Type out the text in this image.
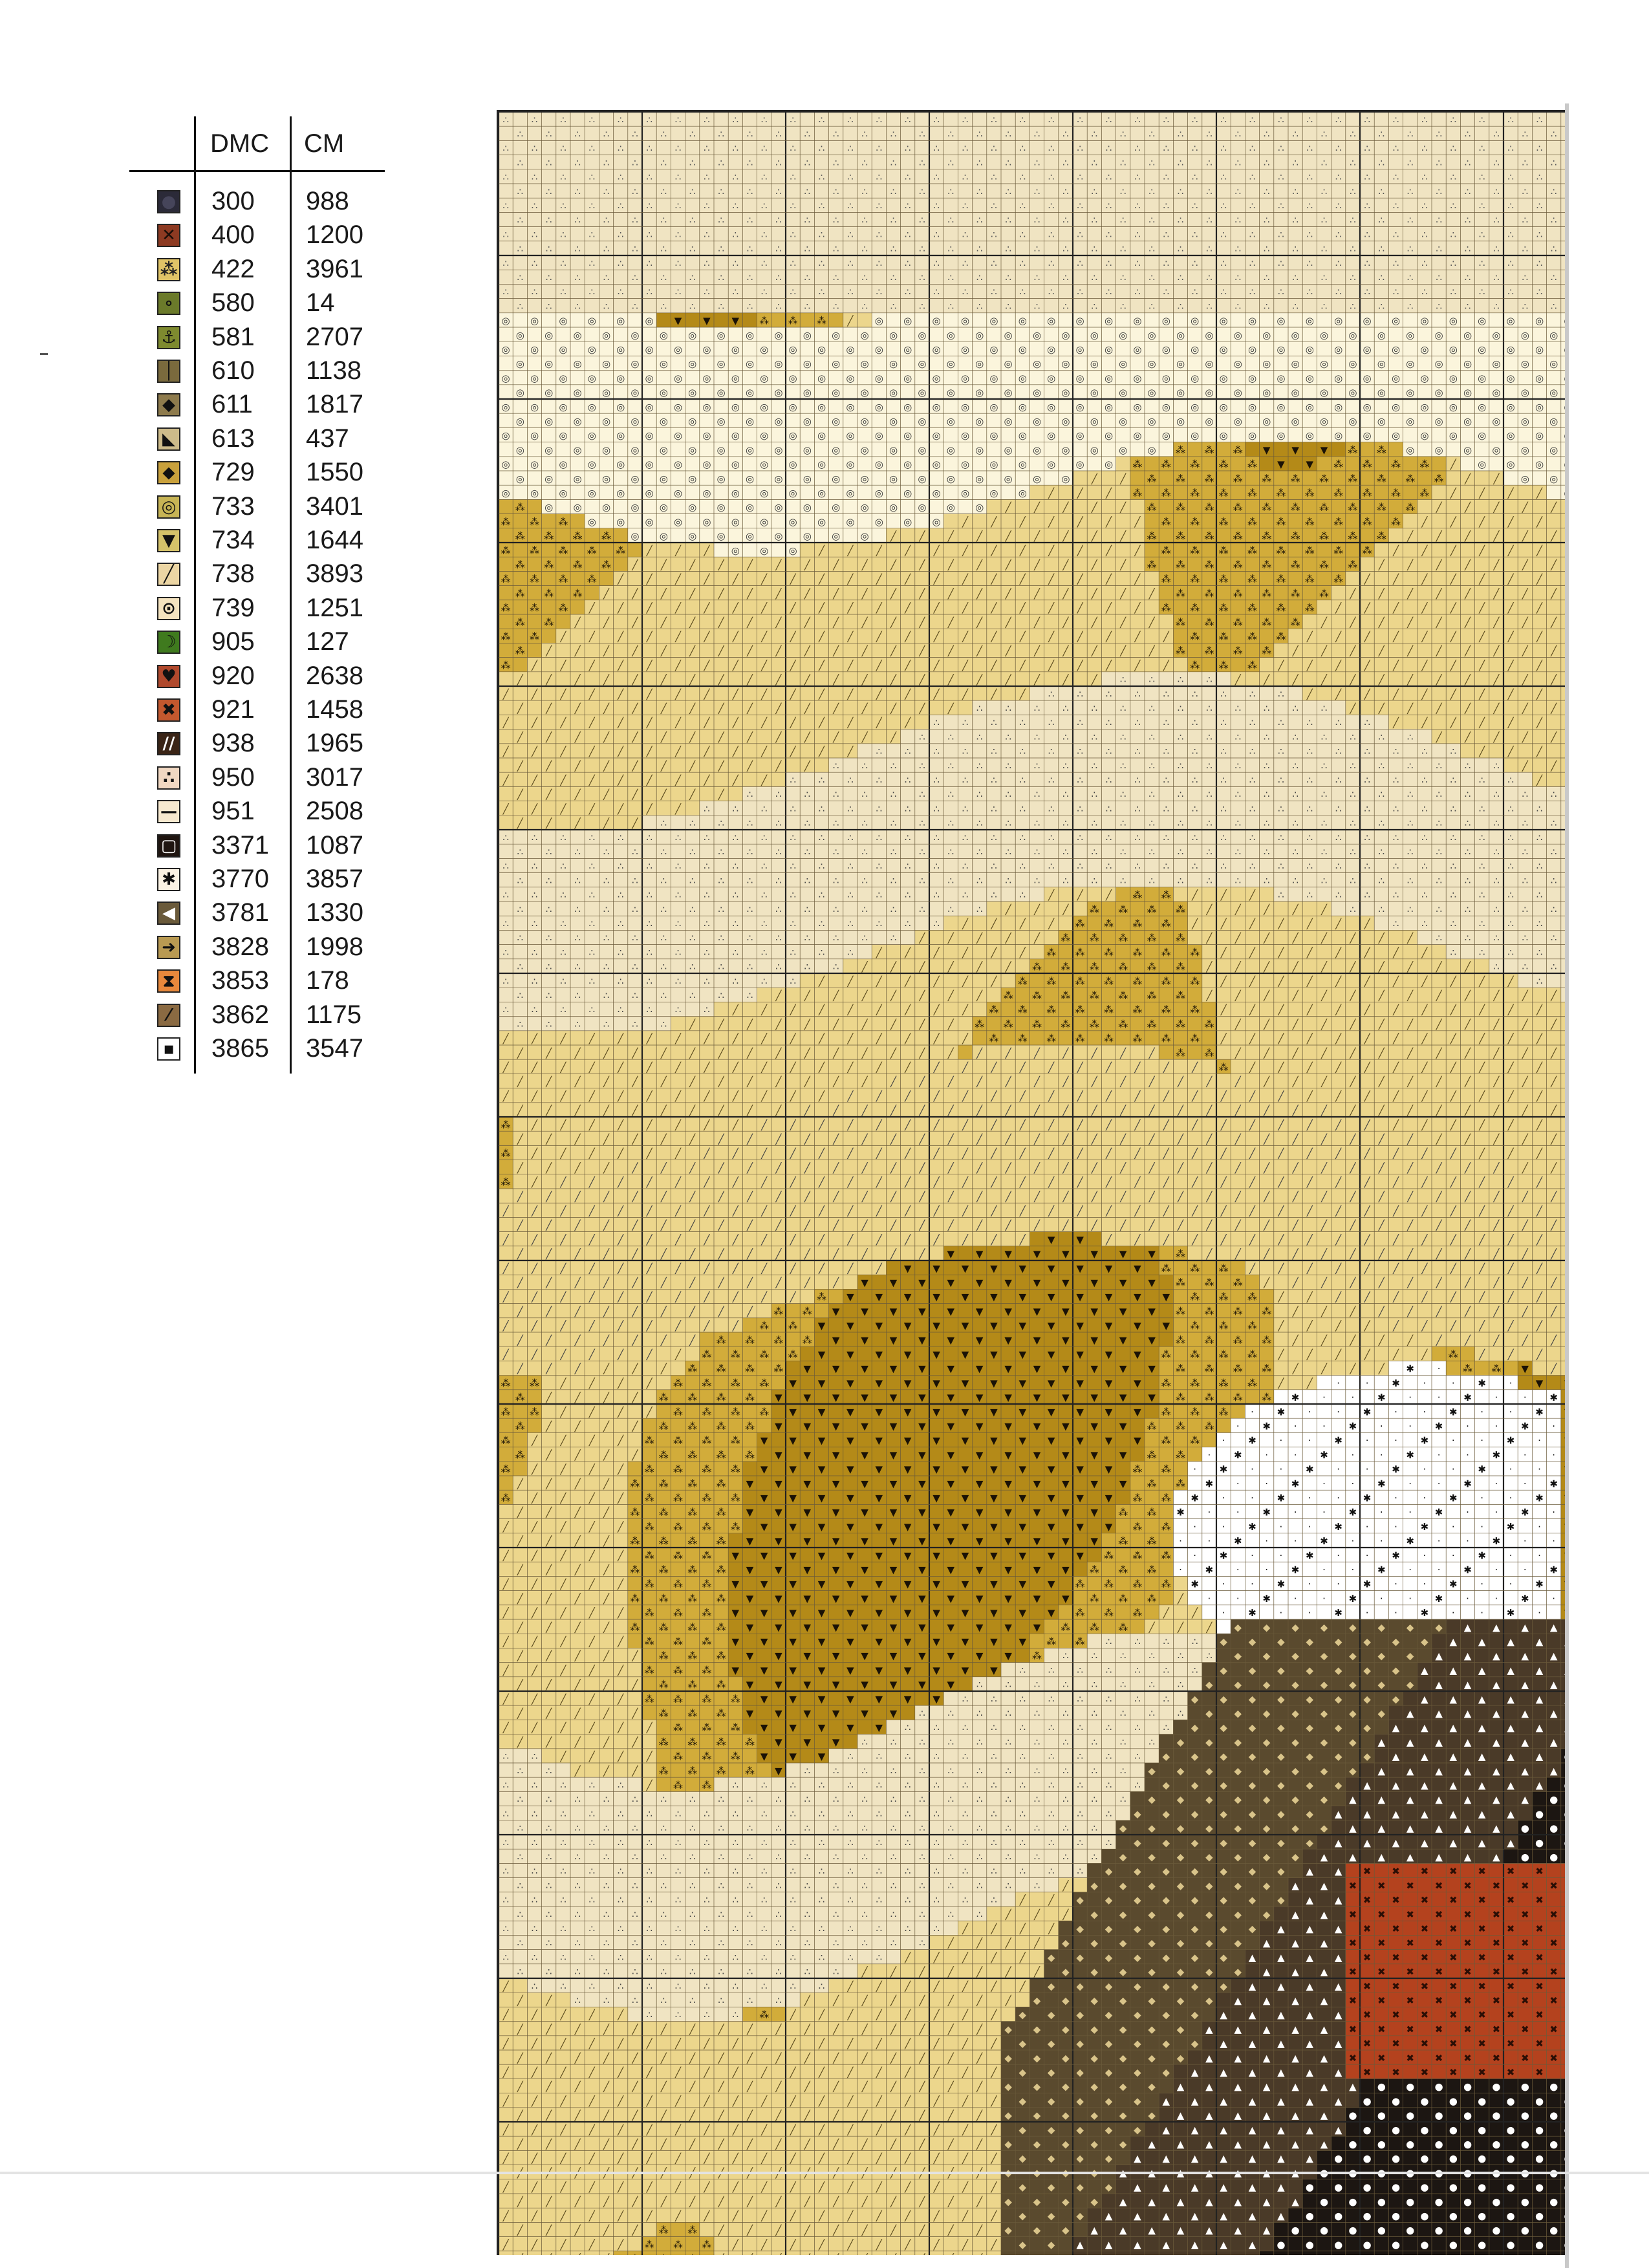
DMC CM
● 300 988
✕ 400 1200
⁂ 422 3961
∘ 580 14
⚓ 581 2707
│ 610 1138
◆ 611 1817
◣ 613 437
⬥ 729 1550
◎ 733 3401
▼ 734 1644
╱ 738 3893
⊙ 739 1251
☽ 905 127
♥ 920 2638
✖ 921 1458
∕∕ 938 1965
∴ 950 3017
— 951 2508
▢ 3371 1087
✱ 3770 3857
◀ 3781 1330
➜ 3828 1998
⧗ 3853 178
⁄	3862 1175
▪ 3865 3547
∴ ∴ ∴ ∴ ∴ ∴ ∴ ∴ ∴ ∴ ∴ ∴ ∴ ∴ ∴ ∴ ∴ ∴ ∴ ∴ ∴ ∴ ∴ ∴ ∴ ∴ ∴ ∴ ∴ ∴ ∴ ∴ ∴ ∴ ∴ ∴ ∴
∴ ∴ ∴ ∴ ∴ ∴ ∴ ∴ ∴ ∴ ∴ ∴ ∴ ∴ ∴ ∴ ∴ ∴ ∴ ∴ ∴ ∴ ∴ ∴ ∴ ∴ ∴ ∴ ∴ ∴ ∴ ∴ ∴ ∴ ∴ ∴ ∴
∴ ∴ ∴ ∴ ∴ ∴ ∴ ∴ ∴ ∴ ∴ ∴ ∴ ∴ ∴ ∴ ∴ ∴ ∴ ∴ ∴ ∴ ∴ ∴ ∴ ∴ ∴ ∴ ∴ ∴ ∴ ∴ ∴ ∴ ∴ ∴ ∴
∴ ∴ ∴ ∴ ∴ ∴ ∴ ∴ ∴ ∴ ∴ ∴ ∴ ∴ ∴ ∴ ∴ ∴ ∴ ∴ ∴ ∴ ∴ ∴ ∴ ∴ ∴ ∴ ∴ ∴ ∴ ∴ ∴ ∴ ∴ ∴ ∴
∴ ∴ ∴ ∴ ∴ ∴ ∴ ∴ ∴ ∴ ∴ ∴ ∴ ∴ ∴ ∴ ∴ ∴ ∴ ∴ ∴ ∴ ∴ ∴ ∴ ∴ ∴ ∴ ∴ ∴ ∴ ∴ ∴ ∴ ∴ ∴ ∴
∴ ∴ ∴ ∴ ∴ ∴ ∴ ∴ ∴ ∴ ∴ ∴ ∴ ∴ ∴ ∴ ∴ ∴ ∴ ∴ ∴ ∴ ∴ ∴ ∴ ∴ ∴ ∴ ∴ ∴ ∴ ∴ ∴ ∴ ∴ ∴ ∴
∴ ∴ ∴ ∴ ∴ ∴ ∴ ∴ ∴ ∴ ∴ ∴ ∴ ∴ ∴ ∴ ∴ ∴ ∴ ∴ ∴ ∴ ∴ ∴ ∴ ∴ ∴ ∴ ∴ ∴ ∴ ∴ ∴ ∴ ∴ ∴ ∴
∴ ∴ ∴ ∴ ∴ ∴ ∴ ∴ ∴ ∴ ∴ ∴ ∴ ∴ ∴ ∴ ∴ ∴ ∴ ∴ ∴ ∴ ∴ ∴ ∴ ∴ ∴ ∴ ∴ ∴ ∴ ∴ ∴ ∴ ∴ ∴ ∴
∴ ∴ ∴ ∴ ∴ ∴ ∴ ∴ ∴ ∴ ∴ ∴ ∴ ∴ ∴ ∴ ∴ ∴ ∴ ∴ ∴ ∴ ∴ ∴ ∴ ∴ ∴ ∴ ∴ ∴ ∴ ∴ ∴ ∴ ∴ ∴ ∴
∴ ∴ ∴ ∴ ∴ ∴ ∴ ∴ ∴ ∴ ∴ ∴ ∴ ∴ ∴ ∴ ∴ ∴ ∴ ∴ ∴ ∴ ∴ ∴ ∴ ∴ ∴ ∴ ∴ ∴ ∴ ∴ ∴ ∴ ∴ ∴ ∴
∴ ∴ ∴ ∴ ∴ ∴ ∴ ∴ ∴ ∴ ∴ ∴ ∴ ∴ ∴ ∴ ∴ ∴ ∴ ∴ ∴ ∴ ∴ ∴ ∴ ∴ ∴ ∴ ∴ ∴ ∴ ∴ ∴ ∴ ∴ ∴ ∴
∴ ∴ ∴ ∴ ∴ ∴ ∴ ∴ ∴ ∴ ∴ ∴ ∴ ∴ ∴ ∴ ∴ ∴ ∴ ∴ ∴ ∴ ∴ ∴ ∴ ∴ ∴ ∴ ∴ ∴ ∴ ∴ ∴ ∴ ∴ ∴ ∴
∴ ∴ ∴ ∴ ∴ ∴ ∴ ∴ ∴ ∴ ∴ ∴ ∴ ∴ ∴ ∴ ∴ ∴ ∴ ∴ ∴ ∴ ∴ ∴ ∴ ∴ ∴ ∴ ∴ ∴ ∴ ∴ ∴ ∴ ∴ ∴ ∴
∴ ∴ ∴ ∴ ∴ ∴ ∴ ∴ ∴ ∴ ∴ ∴ ∴ ∴ ∴ ∴ ∴ ∴ ∴ ∴ ∴ ∴ ∴ ∴ ∴ ∴ ∴ ∴ ∴ ∴ ∴ ∴ ∴ ∴ ∴ ∴ ∴
◎ ◎ ◎ ◎ ◎ ◎ ▼ ▼ ▼ ⁂ ⁂ ⁂ ╱ ◎ ◎ ◎ ◎ ◎ ◎ ◎ ◎ ◎ ◎ ◎ ◎ ◎ ◎ ◎ ◎ ◎ ◎ ◎ ◎ ◎ ◎ ◎ ◎
◎ ◎ ◎ ◎ ◎ ◎ ◎ ◎ ◎ ◎ ◎ ◎ ◎ ◎ ◎ ◎ ◎ ◎ ◎ ◎ ◎ ◎ ◎ ◎ ◎ ◎ ◎ ◎ ◎ ◎ ◎ ◎ ◎ ◎ ◎ ◎ ◎
◎ ◎ ◎ ◎ ◎ ◎ ◎ ◎ ◎ ◎ ◎ ◎ ◎ ◎ ◎ ◎ ◎ ◎ ◎ ◎ ◎ ◎ ◎ ◎ ◎ ◎ ◎ ◎ ◎ ◎ ◎ ◎ ◎ ◎ ◎ ◎ ◎
◎ ◎ ◎ ◎ ◎ ◎ ◎ ◎ ◎ ◎ ◎ ◎ ◎ ◎ ◎ ◎ ◎ ◎ ◎ ◎ ◎ ◎ ◎ ◎ ◎ ◎ ◎ ◎ ◎ ◎ ◎ ◎ ◎ ◎ ◎ ◎ ◎
◎ ◎ ◎ ◎ ◎ ◎ ◎ ◎ ◎ ◎ ◎ ◎ ◎ ◎ ◎ ◎ ◎ ◎ ◎ ◎ ◎ ◎ ◎ ◎ ◎ ◎ ◎ ◎ ◎ ◎ ◎ ◎ ◎ ◎ ◎ ◎ ◎
◎ ◎ ◎ ◎ ◎ ◎ ◎ ◎ ◎ ◎ ◎ ◎ ◎ ◎ ◎ ◎ ◎ ◎ ◎ ◎ ◎ ◎ ◎ ◎ ◎ ◎ ◎ ◎ ◎ ◎ ◎ ◎ ◎ ◎ ◎ ◎ ◎
◎ ◎ ◎ ◎ ◎ ◎ ◎ ◎ ◎ ◎ ◎ ◎ ◎ ◎ ◎ ◎ ◎ ◎ ◎ ◎ ◎ ◎ ◎ ◎ ◎ ◎ ◎ ◎ ◎ ◎ ◎ ◎ ◎ ◎ ◎ ◎ ◎
◎ ◎ ◎ ◎ ◎ ◎ ◎ ◎ ◎ ◎ ◎ ◎ ◎ ◎ ◎ ◎ ◎ ◎ ◎ ◎ ◎ ◎ ◎ ◎ ◎ ◎ ◎ ◎ ◎ ◎ ◎ ◎ ◎ ◎ ◎ ◎ ◎
◎ ◎ ◎ ◎ ◎ ◎ ◎ ◎ ◎ ◎ ◎ ◎ ◎ ◎ ◎ ◎ ◎ ◎ ◎ ◎ ◎ ◎ ◎ ◎ ◎ ◎ ◎ ◎ ◎ ◎ ◎ ◎ ◎ ◎ ◎ ◎ ◎
◎ ◎ ◎ ◎ ◎ ◎ ◎ ◎ ◎ ◎ ◎ ◎ ◎ ◎ ◎ ◎ ◎ ◎ ◎ ◎ ◎ ◎ ◎ ⁂ ⁂ ⁂ ▼ ▼ ▼ ⁂ ⁂ ◎ ◎ ◎ ◎ ◎ ◎
◎ ◎ ◎ ◎ ◎ ◎ ◎ ◎ ◎ ◎ ◎ ◎ ◎ ◎ ◎ ◎ ◎ ◎ ◎ ◎ ◎ ◎ ⁂ ⁂ ⁂ ⁂ ⁂ ▼ ▼ ⁂ ⁂ ⁂ ⁂ ╱ ◎ ◎ ◎
◎ ◎ ◎ ◎ ◎ ◎ ◎ ◎ ◎ ◎ ◎ ◎ ◎ ◎ ◎ ◎ ◎ ◎ ◎ ◎ ╱ ╱ ⁂ ⁂ ⁂ ⁂ ⁂ ⁂ ⁂ ⁂ ⁂ ⁂ ⁂ ╱ ╱ ◎ ◎
◎ ◎ ◎ ◎ ◎ ◎ ◎ ◎ ◎ ◎ ◎ ◎ ◎ ◎ ◎ ◎ ◎ ◎ ◎ ╱ ╱ ╱ ⁂ ⁂ ⁂ ⁂ ⁂ ⁂ ⁂ ⁂ ⁂ ⁂ ⁂ ╱ ╱ ╱ ╱
⁂ ◎ ◎ ◎ ◎ ◎ ◎ ◎ ◎ ◎ ◎ ◎ ◎ ◎ ◎ ◎ ◎ ╱ ╱ ╱ ╱ ╱ ⁂ ⁂ ⁂ ⁂ ⁂ ⁂ ⁂ ⁂ ⁂ ⁂ ╱ ╱ ╱ ╱ ╱
⁂ ⁂ ⁂ ◎ ◎ ◎ ◎ ◎ ◎ ◎ ◎ ◎ ◎ ◎ ◎ ◎ ╱ ╱ ╱ ╱ ╱ ╱ ╱ ⁂ ⁂ ⁂ ⁂ ⁂ ⁂ ⁂ ⁂ ⁂ ╱ ╱ ╱ ╱ ╱
⁂ ⁂ ⁂ ⁂ ◎ ◎ ◎ ◎ ◎ ◎ ◎ ◎ ◎ ╱ ╱ ╱ ╱ ╱ ╱ ╱ ╱ ╱ ⁂ ⁂ ⁂ ⁂ ⁂ ⁂ ⁂ ⁂ ⁂ ╱ ╱ ╱ ╱ ╱ ╱
⁂ ⁂ ⁂ ⁂ ⁂ ╱ ╱ ╱ ◎ ◎ ◎ ╱ ╱ ╱ ╱ ╱ ╱ ╱ ╱ ╱ ╱ ╱ ╱ ⁂ ⁂ ⁂ ⁂ ⁂ ⁂ ⁂ ⁂ ╱ ╱ ╱ ╱ ╱ ╱
⁂ ⁂ ⁂ ⁂ ╱ ╱ ╱ ╱ ╱ ╱ ╱ ╱ ╱ ╱ ╱ ╱ ╱ ╱ ╱ ╱ ╱ ╱ ⁂ ⁂ ⁂ ⁂ ⁂ ⁂ ⁂ ⁂ ╱ ╱ ╱ ╱ ╱ ╱ ╱
⁂ ⁂ ⁂ ⁂ ╱ ╱ ╱ ╱ ╱ ╱ ╱ ╱ ╱ ╱ ╱ ╱ ╱ ╱ ╱ ╱ ╱ ╱ ╱ ⁂ ⁂ ⁂ ⁂ ⁂ ⁂ ⁂ ╱ ╱ ╱ ╱ ╱ ╱ ╱
⁂ ⁂ ⁂ ╱ ╱ ╱ ╱ ╱ ╱ ╱ ╱ ╱ ╱ ╱ ╱ ╱ ╱ ╱ ╱ ╱ ╱ ╱ ╱ ⁂ ⁂ ⁂ ⁂ ⁂ ⁂ ╱ ╱ ╱ ╱ ╱ ╱ ╱ ╱
⁂ ⁂ ⁂ ╱ ╱ ╱ ╱ ╱ ╱ ╱ ╱ ╱ ╱ ╱ ╱ ╱ ╱ ╱ ╱ ╱ ╱ ╱ ╱ ⁂ ⁂ ⁂ ⁂ ⁂ ⁂ ╱ ╱ ╱ ╱ ╱ ╱ ╱ ╱
⁂ ⁂ ╱ ╱ ╱ ╱ ╱ ╱ ╱ ╱ ╱ ╱ ╱ ╱ ╱ ╱ ╱ ╱ ╱ ╱ ╱ ╱ ╱ ⁂ ⁂ ⁂ ⁂ ⁂ ╱ ╱ ╱ ╱ ╱ ╱ ╱ ╱ ╱
⁂ ⁂ ╱ ╱ ╱ ╱ ╱ ╱ ╱ ╱ ╱ ╱ ╱ ╱ ╱ ╱ ╱ ╱ ╱ ╱ ╱ ╱ ╱ ╱ ⁂ ⁂ ⁂ ⁂ ╱ ╱ ╱ ╱ ╱ ╱ ╱ ╱ ╱
⁂ ╱ ╱ ╱ ╱ ╱ ╱ ╱ ╱ ╱ ╱ ╱ ╱ ╱ ╱ ╱ ╱ ╱ ╱ ╱ ╱ ╱ ╱ ⁂ ⁂ ⁂ ⁂ ╱ ╱ ╱ ╱ ╱ ╱ ╱ ╱ ╱ ╱
⁂ ╱ ╱ ╱ ╱ ╱ ╱ ╱ ╱ ╱ ╱ ╱ ╱ ╱ ╱ ╱ ╱ ╱ ╱ ╱ ╱ ╱ ╱ ╱ ⁂ ⁂ ⁂ ╱ ╱ ╱ ╱ ╱ ╱ ╱ ╱ ╱ ╱
╱ ╱ ╱ ╱ ╱ ╱ ╱ ╱ ╱ ╱ ╱ ╱ ╱ ╱ ╱ ╱ ╱ ╱ ╱ ╱ ╱ ∴ ∴ ∴ ∴ ╱ ╱ ╱ ╱ ╱ ╱ ╱ ╱ ╱ ╱ ╱ ╱
╱ ╱ ╱ ╱ ╱ ╱ ╱ ╱ ╱ ╱ ╱ ╱ ╱ ╱ ╱ ╱ ╱ ╱ ╱ ∴ ∴ ∴ ∴ ∴ ∴ ∴ ∴ ∴ ╱ ╱ ╱ ╱ ╱ ╱ ╱ ╱ ╱
╱ ╱ ╱ ╱ ╱ ╱ ╱ ╱ ╱ ╱ ╱ ╱ ╱ ╱ ╱ ╱ ∴ ∴ ∴ ∴ ∴ ∴ ∴ ∴ ∴ ∴ ∴ ∴ ∴ ╱ ╱ ╱ ╱ ╱ ╱ ╱ ╱
╱ ╱ ╱ ╱ ╱ ╱ ╱ ╱ ╱ ╱ ╱ ╱ ╱ ╱ ╱ ∴ ∴ ∴ ∴ ∴ ∴ ∴ ∴ ∴ ∴ ∴ ∴ ∴ ∴ ∴ ∴ ╱ ╱ ╱ ╱ ╱ ╱
╱ ╱ ╱ ╱ ╱ ╱ ╱ ╱ ╱ ╱ ╱ ╱ ╱ ╱ ∴ ∴ ∴ ∴ ∴ ∴ ∴ ∴ ∴ ∴ ∴ ∴ ∴ ∴ ∴ ∴ ∴ ∴ ╱ ╱ ╱ ╱ ╱
╱ ╱ ╱ ╱ ╱ ╱ ╱ ╱ ╱ ╱ ╱ ╱ ╱ ∴ ∴ ∴ ∴ ∴ ∴ ∴ ∴ ∴ ∴ ∴ ∴ ∴ ∴ ∴ ∴ ∴ ∴ ∴ ∴ ∴ ╱ ╱ ╱
╱ ╱ ╱ ╱ ╱ ╱ ╱ ╱ ╱ ╱ ╱ ∴ ∴ ∴ ∴ ∴ ∴ ∴ ∴ ∴ ∴ ∴ ∴ ∴ ∴ ∴ ∴ ∴ ∴ ∴ ∴ ∴ ∴ ∴ ∴ ╱ ╱
╱ ╱ ╱ ╱ ╱ ╱ ╱ ╱ ╱ ╱ ∴ ∴ ∴ ∴ ∴ ∴ ∴ ∴ ∴ ∴ ∴ ∴ ∴ ∴ ∴ ∴ ∴ ∴ ∴ ∴ ∴ ∴ ∴ ∴ ∴ ∴ ╱
╱ ╱ ╱ ╱ ╱ ╱ ╱ ╱ ∴ ∴ ∴ ∴ ∴ ∴ ∴ ∴ ∴ ∴ ∴ ∴ ∴ ∴ ∴ ∴ ∴ ∴ ∴ ∴ ∴ ∴ ∴ ∴ ∴ ∴ ∴ ∴ ∴
╱ ╱ ╱ ╱ ╱ ╱ ╱ ∴ ∴ ∴ ∴ ∴ ∴ ∴ ∴ ∴ ∴ ∴ ∴ ∴ ∴ ∴ ∴ ∴ ∴ ∴ ∴ ∴ ∴ ∴ ∴ ∴ ∴ ∴ ∴ ∴ ∴
╱ ╱ ╱ ╱ ╱ ∴ ∴ ∴ ∴ ∴ ∴ ∴ ∴ ∴ ∴ ∴ ∴ ∴ ∴ ∴ ∴ ∴ ∴ ∴ ∴ ∴ ∴ ∴ ∴ ∴ ∴ ∴ ∴ ∴ ∴ ∴ ∴
∴ ∴ ∴ ∴ ∴ ∴ ∴ ∴ ∴ ∴ ∴ ∴ ∴ ∴ ∴ ∴ ∴ ∴ ∴ ∴ ∴ ∴ ∴ ∴ ∴ ∴ ∴ ∴ ∴ ∴ ∴ ∴ ∴ ∴ ∴ ∴ ∴
∴ ∴ ∴ ∴ ∴ ∴ ∴ ∴ ∴ ∴ ∴ ∴ ∴ ∴ ∴ ∴ ∴ ∴ ∴ ∴ ∴ ∴ ∴ ∴ ∴ ∴ ∴ ∴ ∴ ∴ ∴ ∴ ∴ ∴ ∴ ∴ ∴
∴ ∴ ∴ ∴ ∴ ∴ ∴ ∴ ∴ ∴ ∴ ∴ ∴ ∴ ∴ ∴ ∴ ∴ ∴ ∴ ∴ ∴ ∴ ∴ ∴ ∴ ∴ ∴ ∴ ∴ ∴ ∴ ∴ ∴ ∴ ∴ ∴
∴ ∴ ∴ ∴ ∴ ∴ ∴ ∴ ∴ ∴ ∴ ∴ ∴ ∴ ∴ ∴ ∴ ∴ ∴ ∴ ∴ ∴ ∴ ∴ ∴ ∴ ∴ ∴ ∴ ∴ ∴ ∴ ∴ ∴ ∴ ∴ ∴
∴ ∴ ∴ ∴ ∴ ∴ ∴ ∴ ∴ ∴ ∴ ∴ ∴ ∴ ∴ ∴ ∴ ∴ ∴ ╱ ╱ ╱ ⁂ ⁂ ╱ ╱ ╱ ∴ ∴ ∴ ∴ ∴ ∴ ∴ ∴ ∴ ∴
∴ ∴ ∴ ∴ ∴ ∴ ∴ ∴ ∴ ∴ ∴ ∴ ∴ ∴ ∴ ∴ ∴ ╱ ╱ ╱ ⁂ ⁂ ⁂ ⁂ ╱ ╱ ╱ ╱ ╱ ∴ ∴ ∴ ∴ ∴ ∴ ∴ ∴
∴ ∴ ∴ ∴ ∴ ∴ ∴ ∴ ∴ ∴ ∴ ∴ ∴ ∴ ∴ ∴ ╱ ╱ ╱ ╱ ⁂ ⁂ ⁂ ⁂ ╱ ╱ ╱ ╱ ╱ ╱ ╱ ∴ ∴ ∴ ∴ ∴ ∴
∴ ∴ ∴ ∴ ∴ ∴ ∴ ∴ ∴ ∴ ∴ ∴ ∴ ∴ ╱ ╱ ╱ ╱ ╱ ⁂ ⁂ ⁂ ⁂ ⁂ ╱ ╱ ╱ ╱ ╱ ╱ ╱ ╱ ∴ ∴ ∴ ∴ ∴
∴ ∴ ∴ ∴ ∴ ∴ ∴ ∴ ∴ ∴ ∴ ∴ ∴ ╱ ╱ ╱ ╱ ╱ ╱ ⁂ ⁂ ⁂ ⁂ ⁂ ⁂ ╱ ╱ ╱ ╱ ╱ ╱ ╱ ╱ ∴ ∴ ∴ ∴
∴ ∴ ∴ ∴ ∴ ∴ ∴ ∴ ∴ ∴ ∴ ∴ ╱ ╱ ╱ ╱ ╱ ╱ ⁂ ⁂ ⁂ ⁂ ⁂ ⁂ ╱ ╱ ╱ ╱ ╱ ╱ ╱ ╱ ╱ ╱ ∴ ∴ ∴
∴ ∴ ∴ ∴ ∴ ∴ ∴ ∴ ∴ ∴ ∴ ╱ ╱ ╱ ╱ ╱ ╱ ╱ ⁂ ⁂ ⁂ ⁂ ⁂ ⁂ ⁂ ╱ ╱ ╱ ╱ ╱ ╱ ╱ ╱ ╱ ╱ ╱ ∴
∴ ∴ ∴ ∴ ∴ ∴ ∴ ∴ ∴ ╱ ╱ ╱ ╱ ╱ ╱ ╱ ╱ ⁂ ⁂ ⁂ ⁂ ⁂ ⁂ ⁂ ╱ ╱ ╱ ╱ ╱ ╱ ╱ ╱ ╱ ╱ ╱ ╱ ╱
∴ ∴ ∴ ∴ ∴ ∴ ∴ ∴ ╱ ╱ ╱ ╱ ╱ ╱ ╱ ╱ ╱ ⁂ ⁂ ⁂ ⁂ ⁂ ⁂ ⁂ ⁂ ╱ ╱ ╱ ╱ ╱ ╱ ╱ ╱ ╱ ╱ ╱ ╱
∴ ∴ ∴ ∴ ∴ ∴ ╱ ╱ ╱ ╱ ╱ ╱ ╱ ╱ ╱ ╱ ⁂ ⁂ ⁂ ⁂ ⁂ ⁂ ⁂ ⁂ ⁂ ╱ ╱ ╱ ╱ ╱ ╱ ╱ ╱ ╱ ╱ ╱ ╱
╱ ╱ ╱ ╱ ╱ ╱ ╱ ╱ ╱ ╱ ╱ ╱ ╱ ╱ ╱ ╱ ╱ ⁂ ⁂ ⁂ ⁂ ⁂ ⁂ ⁂ ⁂ ╱ ╱ ╱ ╱ ╱ ╱ ╱ ╱ ╱ ╱ ╱ ╱
╱ ╱ ╱ ╱ ╱ ╱ ╱ ╱ ╱ ╱ ╱ ╱ ╱ ╱ ╱ ╱ ╱ ╱ ╱ ╱ ╱ ╱ ╱ ⁂ ⁂ ╱ ╱ ╱ ╱ ╱ ╱ ╱ ╱ ╱ ╱ ╱ ╱
╱ ╱ ╱ ╱ ╱ ╱ ╱ ╱ ╱ ╱ ╱ ╱ ╱ ╱ ╱ ╱ ╱ ╱ ╱ ╱ ╱ ╱ ╱ ╱ ╱ ⁂ ╱ ╱ ╱ ╱ ╱ ╱ ╱ ╱ ╱ ╱ ╱
╱ ╱ ╱ ╱ ╱ ╱ ╱ ╱ ╱ ╱ ╱ ╱ ╱ ╱ ╱ ╱ ╱ ╱ ╱ ╱ ╱ ╱ ╱ ╱ ╱ ╱ ╱ ╱ ╱ ╱ ╱ ╱ ╱ ╱ ╱ ╱ ╱
╱ ╱ ╱ ╱ ╱ ╱ ╱ ╱ ╱ ╱ ╱ ╱ ╱ ╱ ╱ ╱ ╱ ╱ ╱ ╱ ╱ ╱ ╱ ╱ ╱ ╱ ╱ ╱ ╱ ╱ ╱ ╱ ╱ ╱ ╱ ╱ ╱
╱ ╱ ╱ ╱ ╱ ╱ ╱ ╱ ╱ ╱ ╱ ╱ ╱ ╱ ╱ ╱ ╱ ╱ ╱ ╱ ╱ ╱ ╱ ╱ ╱ ╱ ╱ ╱ ╱ ╱ ╱ ╱ ╱ ╱ ╱ ╱ ╱
⁂ ╱ ╱ ╱ ╱ ╱ ╱ ╱ ╱ ╱ ╱ ╱ ╱ ╱ ╱ ╱ ╱ ╱ ╱ ╱ ╱ ╱ ╱ ╱ ╱ ╱ ╱ ╱ ╱ ╱ ╱ ╱ ╱ ╱ ╱ ╱ ╱
╱ ╱ ╱ ╱ ╱ ╱ ╱ ╱ ╱ ╱ ╱ ╱ ╱ ╱ ╱ ╱ ╱ ╱ ╱ ╱ ╱ ╱ ╱ ╱ ╱ ╱ ╱ ╱ ╱ ╱ ╱ ╱ ╱ ╱ ╱ ╱ ╱
⁂ ╱ ╱ ╱ ╱ ╱ ╱ ╱ ╱ ╱ ╱ ╱ ╱ ╱ ╱ ╱ ╱ ╱ ╱ ╱ ╱ ╱ ╱ ╱ ╱ ╱ ╱ ╱ ╱ ╱ ╱ ╱ ╱ ╱ ╱ ╱ ╱
╱ ╱ ╱ ╱ ╱ ╱ ╱ ╱ ╱ ╱ ╱ ╱ ╱ ╱ ╱ ╱ ╱ ╱ ╱ ╱ ╱ ╱ ╱ ╱ ╱ ╱ ╱ ╱ ╱ ╱ ╱ ╱ ╱ ╱ ╱ ╱ ╱
⁂ ╱ ╱ ╱ ╱ ╱ ╱ ╱ ╱ ╱ ╱ ╱ ╱ ╱ ╱ ╱ ╱ ╱ ╱ ╱ ╱ ╱ ╱ ╱ ╱ ╱ ╱ ╱ ╱ ╱ ╱ ╱ ╱ ╱ ╱ ╱ ╱
╱ ╱ ╱ ╱ ╱ ╱ ╱ ╱ ╱ ╱ ╱ ╱ ╱ ╱ ╱ ╱ ╱ ╱ ╱ ╱ ╱ ╱ ╱ ╱ ╱ ╱ ╱ ╱ ╱ ╱ ╱ ╱ ╱ ╱ ╱ ╱ ╱
╱ ╱ ╱ ╱ ╱ ╱ ╱ ╱ ╱ ╱ ╱ ╱ ╱ ╱ ╱ ╱ ╱ ╱ ╱ ╱ ╱ ╱ ╱ ╱ ╱ ╱ ╱ ╱ ╱ ╱ ╱ ╱ ╱ ╱ ╱ ╱ ╱
╱ ╱ ╱ ╱ ╱ ╱ ╱ ╱ ╱ ╱ ╱ ╱ ╱ ╱ ╱ ╱ ╱ ╱ ╱ ╱ ╱ ╱ ╱ ╱ ╱ ╱ ╱ ╱ ╱ ╱ ╱ ╱ ╱ ╱ ╱ ╱ ╱
╱ ╱ ╱ ╱ ╱ ╱ ╱ ╱ ╱ ╱ ╱ ╱ ╱ ╱ ╱ ╱ ╱ ╱ ╱ ▼ ▼ ╱ ╱ ╱ ╱ ╱ ╱ ╱ ╱ ╱ ╱ ╱ ╱ ╱ ╱ ╱ ╱
╱ ╱ ╱ ╱ ╱ ╱ ╱ ╱ ╱ ╱ ╱ ╱ ╱ ╱ ╱ ▼ ▼ ▼ ▼ ▼ ▼ ▼ ▼ ⁂ ╱ ╱ ╱ ╱ ╱ ╱ ╱ ╱ ╱ ╱ ╱ ╱ ╱
╱ ╱ ╱ ╱ ╱ ╱ ╱ ╱ ╱ ╱ ╱ ╱ ╱ ╱ ▼ ▼ ▼ ▼ ▼ ▼ ▼ ▼ ▼ ⁂ ⁂ ⁂ ╱ ╱ ╱ ╱ ╱ ╱ ╱ ╱ ╱ ╱ ╱
╱ ╱ ╱ ╱ ╱ ╱ ╱ ╱ ╱ ╱ ╱ ╱ ▼ ▼ ▼ ▼ ▼ ▼ ▼ ▼ ▼ ▼ ▼ ⁂ ⁂ ⁂ ╱ ╱ ╱ ╱ ╱ ╱ ╱ ╱ ╱ ╱ ╱
╱ ╱ ╱ ╱ ╱ ╱ ╱ ╱ ╱ ╱ ╱ ⁂ ▼ ▼ ▼ ▼ ▼ ▼ ▼ ▼ ▼ ▼ ▼ ▼ ⁂ ⁂ ⁂ ╱ ╱ ╱ ╱ ╱ ╱ ╱ ╱ ╱ ╱
╱ ╱ ╱ ╱ ╱ ╱ ╱ ╱ ╱ ⁂ ⁂ ▼ ▼ ▼ ▼ ▼ ▼ ▼ ▼ ▼ ▼ ▼ ▼ ⁂ ⁂ ⁂ ⁂ ╱ ╱ ╱ ╱ ╱ ╱ ╱ ╱ ╱ ╱
╱ ╱ ╱ ╱ ╱ ╱ ╱ ╱ ╱ ⁂ ⁂ ▼ ▼ ▼ ▼ ▼ ▼ ▼ ▼ ▼ ▼ ▼ ▼ ▼ ⁂ ⁂ ⁂ ╱ ╱ ╱ ╱ ╱ ╱ ╱ ╱ ╱ ╱
╱ ╱ ╱ ╱ ╱ ╱ ╱ ⁂ ⁂ ⁂ ⁂ ▼ ▼ ▼ ▼ ▼ ▼ ▼ ▼ ▼ ▼ ▼ ▼ ⁂ ⁂ ⁂ ⁂ ╱ ╱ ╱ ╱ ╱ ╱ ╱ ╱ ╱ ╱
╱ ╱ ╱ ╱ ╱ ╱ ╱ ⁂ ⁂ ⁂ ⁂ ▼ ▼ ▼ ▼ ▼ ▼ ▼ ▼ ▼ ▼ ▼ ▼ ⁂ ⁂ ⁂ ⁂ ╱ ╱ ╱ ╱ ╱ ╱ ⁂ ╱ ╱ ╱
╱ ╱ ╱ ╱ ╱ ╱ ⁂ ⁂ ⁂ ⁂ ▼ ▼ ▼ ▼ ▼ ▼ ▼ ▼ ▼ ▼ ▼ ▼ ▼ ⁂ ⁂ ⁂ ⁂ ╱ ╱ ╱ ╱ ✱ · ⁂ ⁂ ▼ ╱
⁂ ⁂ ╱ ╱ ╱ ╱ ⁂ ⁂ ⁂ ⁂ ▼ ▼ ▼ ▼ ▼ ▼ ▼ ▼ ▼ ▼ ▼ ▼ ▼ ⁂ ⁂ ⁂ ⁂ ╱ ╱ ·	· ✱ ·	· ✱ · ▼
⁂ ╱ ╱ ╱ ╱ ⁂ ⁂ ⁂ ⁂ ▼ ▼ ▼ ▼ ▼ ▼ ▼ ▼ ▼ ▼ ▼ ▼ ▼ ▼ ⁂ ⁂ ⁂ ⁂ ✱ ·	· ✱ ·	· ✱ ·	· ✱
⁂ ⁂ ╱ ╱ ╱ ╱ ⁂ ⁂ ⁂ ⁂ ▼ ▼ ▼ ▼ ▼ ▼ ▼ ▼ ▼ ▼ ▼ ▼ ▼ ⁂ ⁂ ⁂ · ✱ ·	· ✱ ·	· ✱ ·	· ✱
⁂ ╱ ╱ ╱ ╱ ⁂ ⁂ ⁂ ⁂ ▼ ▼ ▼ ▼ ▼ ▼ ▼ ▼ ▼ ▼ ▼ ▼ ▼ ⁂ ⁂ ⁂ · ✱ ·	· ✱ ·	· ✱ ·	· ✱ ·
⁂ ╱ ╱ ╱ ╱ ⁂ ⁂ ⁂ ⁂ ▼ ▼ ▼ ▼ ▼ ▼ ▼ ▼ ▼ ▼ ▼ ▼ ▼ ▼ ⁂ ⁂ · ✱ ·	· ✱ ·	· ✱ ·	· ✱ ·
⁂ ╱ ╱ ╱ ╱ ⁂ ⁂ ⁂ ⁂ ▼ ▼ ▼ ▼ ▼ ▼ ▼ ▼ ▼ ▼ ▼ ▼ ▼ ⁂ ⁂ · ✱ ·	· ✱ ·	· ✱ ·	· ✱ ·	·
⁂ ╱ ╱ ╱ ╱ ⁂ ⁂ ⁂ ⁂ ▼ ▼ ▼ ▼ ▼ ▼ ▼ ▼ ▼ ▼ ▼ ▼ ▼ ⁂ ⁂ · ✱ ·	· ✱ ·	· ✱ ·	· ✱ ·	·
╱ ╱ ╱ ╱ ⁂ ⁂ ⁂ ⁂ ▼ ▼ ▼ ▼ ▼ ▼ ▼ ▼ ▼ ▼ ▼ ▼ ▼ ▼ ⁂ ⁂ ✱ ·	· ✱ ·	· ✱ ·	· ✱ ·	· ✱
⁂ ╱ ╱ ╱ ╱ ⁂ ⁂ ⁂ ⁂ ▼ ▼ ▼ ▼ ▼ ▼ ▼ ▼ ▼ ▼ ▼ ▼ ▼ ⁂ ⁂ ✱ ·	· ✱ ·	· ✱ ·	· ✱ ·	· ✱
╱ ╱ ╱ ╱ ⁂ ⁂ ⁂ ⁂ ▼ ▼ ▼ ▼ ▼ ▼ ▼ ▼ ▼ ▼ ▼ ▼ ▼ ⁂ ⁂ ✱ ·	· ✱ ·	· ✱ ·	· ✱ ·	· ✱ ·
╱ ╱ ╱ ╱ ╱ ⁂ ⁂ ⁂ ⁂ ▼ ▼ ▼ ▼ ▼ ▼ ▼ ▼ ▼ ▼ ▼ ▼ ▼ ⁂ ⁂ ·	· ✱ ·	· ✱ ·	· ✱ ·	· ✱ ·
╱ ╱ ╱ ╱ ⁂ ⁂ ⁂ ⁂ ▼ ▼ ▼ ▼ ▼ ▼ ▼ ▼ ▼ ▼ ▼ ▼ ▼ ⁂ ⁂ ·	· ✱ ·	· ✱ ·	· ✱ ·	· ✱ ·	·
╱ ╱ ╱ ╱ ╱ ⁂ ⁂ ⁂ ▼ ▼ ▼ ▼ ▼ ▼ ▼ ▼ ▼ ▼ ▼ ▼ ▼ ⁂ ⁂ ⁂ · ✱ ·	· ✱ ·	· ✱ ·	· ✱ ·	·
╱ ╱ ╱ ╱ ⁂ ⁂ ⁂ ⁂ ▼ ▼ ▼ ▼ ▼ ▼ ▼ ▼ ▼ ▼ ▼ ▼ ⁂ ⁂ ⁂ · ✱ ·	· ✱ ·	· ✱ ·	· ✱ ·	· ✱
╱ ╱ ╱ ╱ ╱ ⁂ ⁂ ⁂ ▼ ▼ ▼ ▼ ▼ ▼ ▼ ▼ ▼ ▼ ▼ ▼ ⁂ ⁂ ⁂ ⁂ ✱ ·	· ✱ ·	· ✱ ·	· ✱ ·	· ✱
╱ ╱ ╱ ╱ ⁂ ⁂ ⁂ ⁂ ▼ ▼ ▼ ▼ ▼ ▼ ▼ ▼ ▼ ▼ ▼ ▼ ⁂ ⁂ ⁂ ╱ ·	· ✱ ·	· ✱ ·	· ✱ ·	· ✱ ·
╱ ╱ ╱ ╱ ╱ ⁂ ⁂ ⁂ ▼ ▼ ▼ ▼ ▼ ▼ ▼ ▼ ▼ ▼ ▼ ▼ ⁂ ⁂ ⁂ ╱ ╱ · ✱ ·	· ✱ ·	· ✱ ·	· ✱ ·
╱ ╱ ╱ ╱ ⁂ ⁂ ⁂ ⁂ ▼ ▼ ▼ ▼ ▼ ▼ ▼ ▼ ▼ ▼ ▼ ⁂ ⁂ ⁂ ╱ ╱ ╱ ◆ ◆ ◆ ◆ ◆ ◆ ◆ ◆ ▲ ▲ ▲ ▲
╱ ╱ ╱ ╱ ╱ ⁂ ⁂ ⁂ ▼ ▼ ▼ ▼ ▼ ▼ ▼ ▼ ▼ ▼ ▼ ⁂ ⁂ ∴ ∴ ∴ ∴ ◆ ◆ ◆ ◆ ◆ ◆ ◆ ◆ ▲ ▲ ▲ ▲
╱ ╱ ╱ ╱ ╱ ⁂ ⁂ ⁂ ▼ ▼ ▼ ▼ ▼ ▼ ▼ ▼ ▼ ▼ ⁂ ∴ ∴ ∴ ∴ ∴ ∴ ◆ ◆ ◆ ◆ ◆ ◆ ◆ ▲ ▲ ▲ ▲ ▲
╱ ╱ ╱ ╱ ╱ ⁂ ⁂ ⁂ ▼ ▼ ▼ ▼ ▼ ▼ ▼ ▼ ▼ ▼ ∴ ∴ ∴ ∴ ∴ ∴ ∴ ◆ ◆ ◆ ◆ ◆ ◆ ◆ ▲ ▲ ▲ ▲ ▲
╱ ╱ ╱ ╱ ╱ ⁂ ⁂ ⁂ ▼ ▼ ▼ ▼ ▼ ▼ ▼ ▼ ∴ ∴ ∴ ∴ ∴ ∴ ∴ ∴ ◆ ◆ ◆ ◆ ◆ ◆ ◆ ◆ ▲ ▲ ▲ ▲ ▲
╱ ╱ ╱ ╱ ╱ ⁂ ⁂ ⁂ ⁂ ▼ ▼ ▼ ▼ ▼ ▼ ▼ ∴ ∴ ∴ ∴ ∴ ∴ ∴ ∴ ◆ ◆ ◆ ◆ ◆ ◆ ◆ ◆ ▲ ▲ ▲ ▲ ▲
╱ ╱ ╱ ╱ ╱ ⁂ ⁂ ⁂ ▼ ▼ ▼ ▼ ▼ ▼ ∴ ∴ ∴ ∴ ∴ ∴ ∴ ∴ ∴ ∴ ◆ ◆ ◆ ◆ ◆ ◆ ◆ ▲ ▲ ▲ ▲ ▲ ▲
╱ ╱ ╱ ╱ ╱ ╱ ⁂ ⁂ ⁂ ▼ ▼ ▼ ▼ ▼ ∴ ∴ ∴ ∴ ∴ ∴ ∴ ∴ ∴ ∴ ◆ ◆ ◆ ◆ ◆ ◆ ◆ ▲ ▲ ▲ ▲ ▲ ▲
╱ ╱ ╱ ╱ ╱ ⁂ ⁂ ⁂ ⁂ ▼ ▼ ▼ ∴ ∴ ∴ ∴ ∴ ∴ ∴ ∴ ∴ ∴ ∴ ◆ ◆ ◆ ◆ ◆ ◆ ◆ ▲ ▲ ▲ ▲ ▲ ▲ ▲
∴ ∴ ╱ ╱ ╱ ╱ ⁂ ⁂ ⁂ ▼ ▼ ▼ ∴ ∴ ∴ ∴ ∴ ∴ ∴ ∴ ∴ ∴ ∴ ◆ ◆ ◆ ◆ ◆ ◆ ◆ ◆ ▲ ▲ ▲ ▲ ▲ ▲
∴ ∴ ╱ ╱ ╱ ⁂ ⁂ ⁂ ⁂ ▼ ∴ ∴ ∴ ∴ ∴ ∴ ∴ ∴ ∴ ∴ ∴ ∴ ◆ ◆ ◆ ◆ ◆ ◆ ◆ ◆ ▲ ▲ ▲ ▲ ▲ ▲ ▲
∴ ∴ ∴ ∴ ∴ ╱ ⁂ ⁂ ∴ ∴ ∴ ∴ ∴ ∴ ∴ ∴ ∴ ∴ ∴ ∴ ∴ ∴ ∴ ◆ ◆ ◆ ◆ ◆ ◆ ◆ ▲ ▲ ▲ ▲ ▲ ▲ ▲
∴ ∴ ∴ ∴ ∴ ∴ ∴ ∴ ∴ ∴ ∴ ∴ ∴ ∴ ∴ ∴ ∴ ∴ ∴ ∴ ∴ ∴ ◆ ◆ ◆ ◆ ◆ ◆ ◆ ▲ ▲ ▲ ▲ ▲ ▲ ▲ ●
∴ ∴ ∴ ∴ ∴ ∴ ∴ ∴ ∴ ∴ ∴ ∴ ∴ ∴ ∴ ∴ ∴ ∴ ∴ ∴ ∴ ∴ ◆ ◆ ◆ ◆ ◆ ◆ ◆ ▲ ▲ ▲ ▲ ▲ ▲ ▲ ●
∴ ∴ ∴ ∴ ∴ ∴ ∴ ∴ ∴ ∴ ∴ ∴ ∴ ∴ ∴ ∴ ∴ ∴ ∴ ∴ ∴ ◆ ◆ ◆ ◆ ◆ ◆ ◆ ◆ ▲ ▲ ▲ ▲ ▲ ▲ ● ●
∴ ∴ ∴ ∴ ∴ ∴ ∴ ∴ ∴ ∴ ∴ ∴ ∴ ∴ ∴ ∴ ∴ ∴ ∴ ∴ ∴ ∴ ◆ ◆ ◆ ◆ ◆ ◆ ◆ ▲ ▲ ▲ ▲ ▲ ▲ ▲ ●
∴ ∴ ∴ ∴ ∴ ∴ ∴ ∴ ∴ ∴ ∴ ∴ ∴ ∴ ∴ ∴ ∴ ∴ ∴ ∴ ∴ ◆ ◆ ◆ ◆ ◆ ◆ ◆ ▲ ▲ ▲ ▲ ▲ ▲ ▲ ● ●
∴ ∴ ∴ ∴ ∴ ∴ ∴ ∴ ∴ ∴ ∴ ∴ ∴ ∴ ∴ ∴ ∴ ∴ ∴ ∴ ∴ ◆ ◆ ◆ ◆ ◆ ◆ ◆ ▲ ▲ ✖ ✖ ✖ ✖ ✖ ✖ ✖
∴ ∴ ∴ ∴ ∴ ∴ ∴ ∴ ∴ ∴ ∴ ∴ ∴ ∴ ∴ ∴ ∴ ∴ ∴ ╱ ◆ ◆ ◆ ◆ ◆ ◆ ◆ ▲ ▲ ✖ ✖ ✖ ✖ ✖ ✖ ✖ ✖
∴ ∴ ∴ ∴ ∴ ∴ ∴ ∴ ∴ ∴ ∴ ∴ ∴ ∴ ∴ ∴ ∴ ∴ ╱ ╱ ◆ ◆ ◆ ◆ ◆ ◆ ◆ ◆ ▲ ▲ ✖ ✖ ✖ ✖ ✖ ✖ ✖
∴ ∴ ∴ ∴ ∴ ∴ ∴ ∴ ∴ ∴ ∴ ∴ ∴ ∴ ∴ ∴ ∴ ╱ ╱ ╱ ◆ ◆ ◆ ◆ ◆ ◆ ◆ ▲ ▲ ✖ ✖ ✖ ✖ ✖ ✖ ✖ ✖
∴ ∴ ∴ ∴ ∴ ∴ ∴ ∴ ∴ ∴ ∴ ∴ ∴ ∴ ∴ ∴ ╱ ╱ ╱ ╱ ◆ ◆ ◆ ◆ ◆ ◆ ◆ ▲ ▲ ▲ ✖ ✖ ✖ ✖ ✖ ✖ ✖
∴ ∴ ∴ ∴ ∴ ∴ ∴ ∴ ∴ ∴ ∴ ∴ ∴ ∴ ∴ ╱ ╱ ╱ ╱ ◆ ◆ ◆ ◆ ◆ ◆ ◆ ▲ ▲ ▲ ✖ ✖ ✖ ✖ ✖ ✖ ✖ ✖
∴ ∴ ∴ ∴ ∴ ∴ ∴ ∴ ∴ ∴ ∴ ∴ ∴ ∴ ╱ ╱ ╱ ╱ ╱ ◆ ◆ ◆ ◆ ◆ ◆ ◆ ▲ ▲ ▲ ▲ ✖ ✖ ✖ ✖ ✖ ✖ ✖
∴ ∴ ∴ ∴ ∴ ∴ ∴ ∴ ∴ ∴ ∴ ∴ ╱ ╱ ╱ ╱ ╱ ╱ ╱ ◆ ◆ ◆ ◆ ◆ ◆ ◆ ▲ ▲ ▲ ✖ ✖ ✖ ✖ ✖ ✖ ✖ ✖
╱ ∴ ∴ ∴ ∴ ∴ ∴ ∴ ∴ ∴ ∴ ∴ ╱ ╱ ╱ ╱ ╱ ╱ ╱ ◆ ◆ ◆ ◆ ◆ ◆ ◆ ▲ ▲ ▲ ▲ ✖ ✖ ✖ ✖ ✖ ✖ ✖
╱ ╱ ∴ ∴ ∴ ∴ ∴ ∴ ∴ ∴ ╱ ╱ ╱ ╱ ╱ ╱ ╱ ╱ ◆ ◆ ◆ ◆ ◆ ◆ ◆ ▲ ▲ ▲ ▲ ✖ ✖ ✖ ✖ ✖ ✖ ✖ ✖
╱ ╱ ╱ ╱ ╱ ∴ ∴ ∴ ∴ ⁂ ╱ ╱ ╱ ╱ ╱ ╱ ╱ ╱ ◆ ◆ ◆ ◆ ◆ ◆ ◆ ▲ ▲ ▲ ▲ ▲ ✖ ✖ ✖ ✖ ✖ ✖ ✖
╱ ╱ ╱ ╱ ╱ ╱ ╱ ╱ ╱ ╱ ╱ ╱ ╱ ╱ ╱ ╱ ╱ ◆ ◆ ◆ ◆ ◆ ◆ ◆ ▲ ▲ ▲ ▲ ▲ ✖ ✖ ✖ ✖ ✖ ✖ ✖ ✖
╱ ╱ ╱ ╱ ╱ ╱ ╱ ╱ ╱ ╱ ╱ ╱ ╱ ╱ ╱ ╱ ╱ ╱ ◆ ◆ ◆ ◆ ◆ ◆ ◆ ▲ ▲ ▲ ▲ ▲ ✖ ✖ ✖ ✖ ✖ ✖ ✖
╱ ╱ ╱ ╱ ╱ ╱ ╱ ╱ ╱ ╱ ╱ ╱ ╱ ╱ ╱ ╱ ╱ ◆ ◆ ◆ ◆ ◆ ◆ ◆ ▲ ▲ ▲ ▲ ▲ ✖ ✖ ✖ ✖ ✖ ✖ ✖ ✖
╱ ╱ ╱ ╱ ╱ ╱ ╱ ╱ ╱ ╱ ╱ ╱ ╱ ╱ ╱ ╱ ╱ ╱ ◆ ◆ ◆ ◆ ◆ ◆ ▲ ▲ ▲ ▲ ▲ ▲ ✖ ✖ ✖ ✖ ✖ ✖ ✖
╱ ╱ ╱ ╱ ╱ ╱ ╱ ╱ ╱ ╱ ╱ ╱ ╱ ╱ ╱ ╱ ╱ ◆ ◆ ◆ ◆ ◆ ◆ ▲ ▲ ▲ ▲ ▲ ▲ ▲ ● ● ● ● ● ● ●
╱ ╱ ╱ ╱ ╱ ╱ ╱ ╱ ╱ ╱ ╱ ╱ ╱ ╱ ╱ ╱ ╱ ╱ ◆ ◆ ◆ ◆ ◆ ▲ ▲ ▲ ▲ ▲ ▲ ▲ ● ● ● ● ● ● ●
╱ ╱ ╱ ╱ ╱ ╱ ╱ ╱ ╱ ╱ ╱ ╱ ╱ ╱ ╱ ╱ ╱ ◆ ◆ ◆ ◆ ◆ ◆ ▲ ▲ ▲ ▲ ▲ ▲ ● ● ● ● ● ● ● ●
╱ ╱ ╱ ╱ ╱ ╱ ╱ ╱ ╱ ╱ ╱ ╱ ╱ ╱ ╱ ╱ ╱ ╱ ◆ ◆ ◆ ◆ ◆ ▲ ▲ ▲ ▲ ▲ ▲ ▲ ● ● ● ● ● ● ●
╱ ╱ ╱ ╱ ╱ ╱ ╱ ╱ ╱ ╱ ╱ ╱ ╱ ╱ ╱ ╱ ╱ ◆ ◆ ◆ ◆ ◆ ▲ ▲ ▲ ▲ ▲ ▲ ▲ ● ● ● ● ● ● ● ●
╱ ╱ ╱ ╱ ╱ ╱ ╱ ╱ ╱ ╱ ╱ ╱ ╱ ╱ ╱ ╱ ╱ ╱ ◆ ◆ ◆ ◆ ▲ ▲ ▲ ▲ ▲ ▲ ▲ ● ● ● ● ● ● ● ●
╱ ╱ ╱ ╱ ╱ ╱ ╱ ╱ ╱ ╱ ╱ ╱ ╱ ╱ ╱ ╱ ╱ ╱ ◆ ◆ ◆ ◆ ▲ ▲ ▲ ▲ ▲ ▲ ● ● ● ● ● ● ● ● ●
╱ ╱ ╱ ╱ ╱ ╱ ╱ ╱ ╱ ╱ ╱ ╱ ╱ ╱ ╱ ╱ ╱ ◆ ◆ ◆ ◆ ▲ ▲ ▲ ▲ ▲ ▲ ▲ ● ● ● ● ● ● ● ● ●
╱ ╱ ╱ ╱ ╱ ╱ ╱ ╱ ╱ ╱ ╱ ╱ ╱ ╱ ╱ ╱ ╱ ╱ ◆ ◆ ◆ ▲ ▲ ▲ ▲ ▲ ▲ ▲ ● ● ● ● ● ● ● ● ●
╱ ╱ ╱ ╱ ╱ ⁂ ⁂ ╱ ╱ ╱ ╱ ╱ ╱ ╱ ╱ ╱ ╱ ◆ ◆ ◆ ▲ ▲ ▲ ▲ ▲ ▲ ▲ ● ● ● ● ● ● ● ● ● ●
╱ ╱ ╱ ╱ ╱ ⁂ ⁂ ⁂ ╱ ╱ ╱ ╱ ╱ ╱ ╱ ╱ ╱ ╱ ◆ ◆ ▲ ▲ ▲ ▲ ▲ ▲ ▲ ● ● ● ● ● ● ● ● ● ●
